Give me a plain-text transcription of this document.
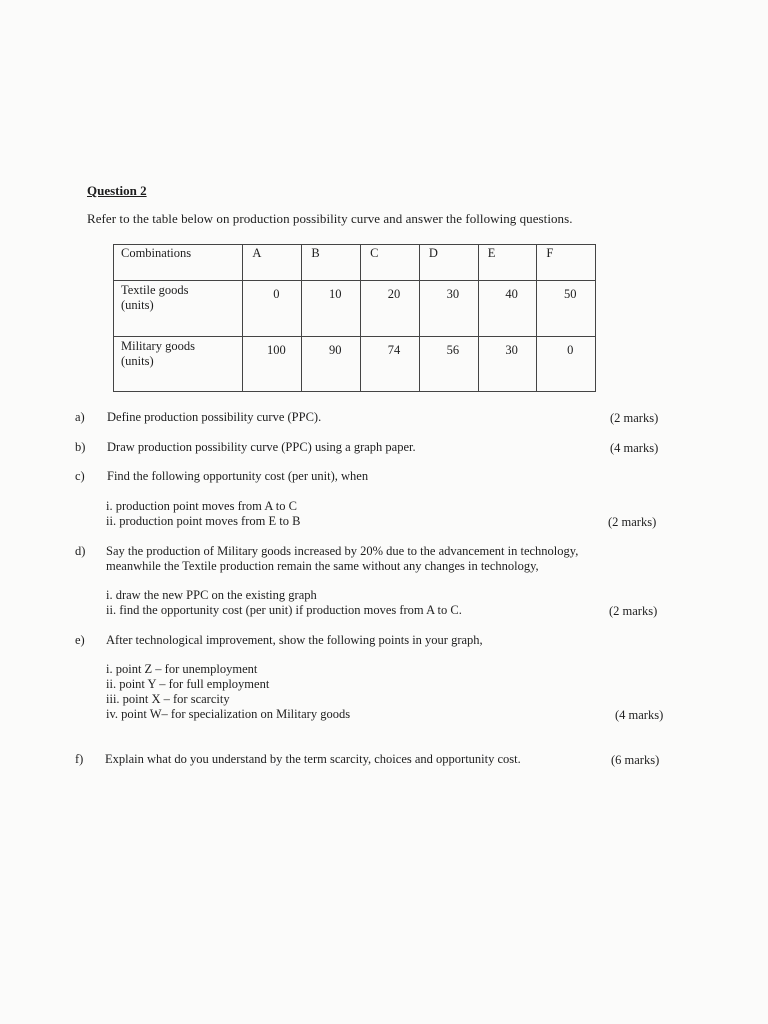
Question 2
Refer to the table below on production possibility curve and answer the following questions.
Combinations	A	B	C	D	E	F

Textile goods
(units)	0	10	20	30	40	50

Military goods
(units)	100	90	74	56	30	0
a) Define production possibility curve (PPC).	(2 marks)
b) Draw production possibility curve (PPC) using a graph paper.	(4 marks)
c) Find the following opportunity cost (per unit), when
i. production point moves from A to C
ii. production point moves from E to B	(2 marks)
d) Say the production of Military goods increased by 20% due to the advancement in technology,
meanwhile the Textile production remain the same without any changes in technology,
i. draw the new PPC on the existing graph
ii. find the opportunity cost (per unit) if production moves from A to C.	(2 marks)
e) After technological improvement, show the following points in your graph,
i. point Z – for unemployment
ii. point Y – for full employment
iii. point X – for scarcity
iv. point W– for specialization on Military goods	(4 marks)
f) Explain what do you understand by the term scarcity, choices and opportunity cost.	(6 marks)
